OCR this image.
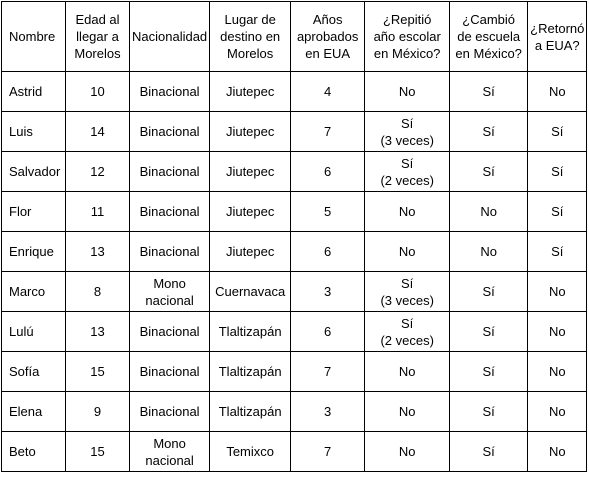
Nombre	Edad al
llegar a
Morelos	Nacionalidad	Lugar de
destino en
Morelos	Años
aprobados
en EUA	¿Repitió
año escolar
en México?	¿Cambió
de escuela
en México?	¿Retornó
a EUA?

Astrid	10	Binacional	Jiutepec	4	No	Sí	No

Luis	14	Binacional	Jiutepec	7	Sí
(3 veces)	Sí	Sí

Salvador	12	Binacional	Jiutepec	6	Sí
(2 veces)	Sí	Sí

Flor	11	Binacional	Jiutepec	5	No	No	Sí

Enrique	13	Binacional	Jiutepec	6	No	No	Sí

Marco	8	Mono
nacional	Cuernavaca	3	Sí
(3 veces)	Sí	No

Lulú	13	Binacional	Tlaltizapán	6	Sí
(2 veces)	Sí	No

Sofía	15	Binacional	Tlaltizapán	7	No	Sí	No

Elena	9	Binacional	Tlaltizapán	3	No	Sí	No

Beto	15	Mono
nacional	Temixco	7	No	Sí	No
